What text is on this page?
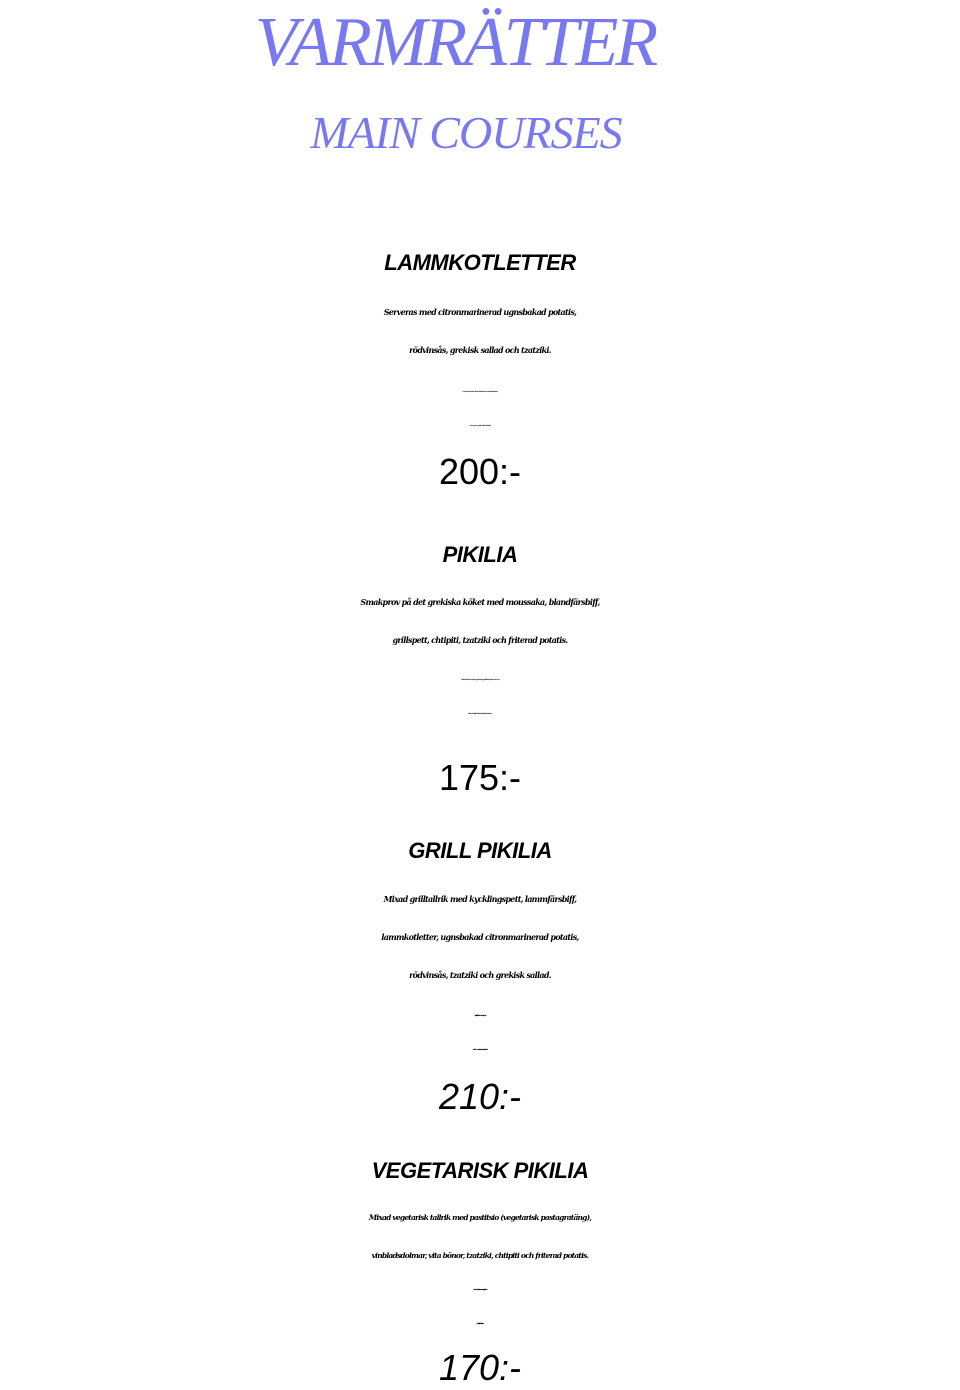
VARMRÄTTER
MAIN COURSES
LAMMKOTLETTER
Serveras med citronmarinerad ugnsbakad potatis,
rödvinsås, grekisk sallad och tzatziki.
Lamb chops served with oven baked lemon marinated potatoes,
red wine sauce, greek salad and tzatziki.
200:-
PIKILIA
Smakprov på det grekiska köket med moussaka, blandfärsbiff,
grillspett, chtipiti, tzatziki och friterad potatis.
Mixed plate with moussaka, greek burger, grilled loin of pork on a skewer,
lettuce, chtipiti, tzatziki and deep-fried potatoes.
175:-
GRILL PIKILIA
Mixad grilltallrik med kycklingspett, lammfärsbiff,
lammkotletter, ugnsbakad citronmarinerad potatis,
rödvinsås, tzatziki och grekisk sallad.
Mixed grill plate with fillet of chicken on a skewer, lamb burger, lamb chops,
oven baked lemon marinated potatoes, red wine sauce, tzatziki and greek salad.
210:-
VEGETARISK PIKILIA
Mixad vegetarisk tallrik med pastitsio (vegetarisk pastagratäng),
vinbladsdolmar, vita bönor, tzatziki, chtipiti och friterad potatis.
Vegetarian mixed plate with pastitsio (vegetarian pasta au gratin), stuffed grape leaves,
giant beans, tzatziki, chtipiti, and deep-fried potatoes.
170:-
